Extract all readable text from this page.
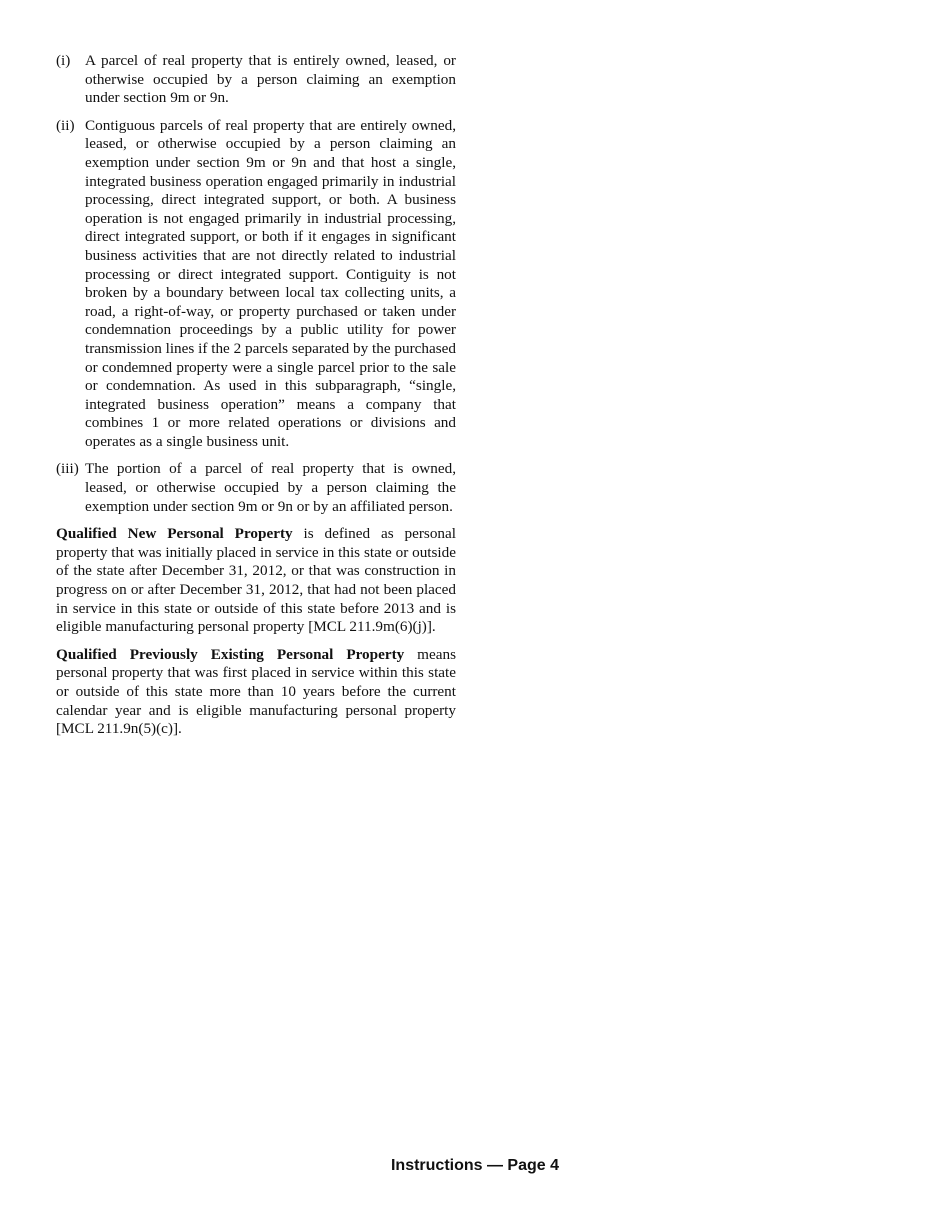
(i) A parcel of real property that is entirely owned, leased, or otherwise occupied by a person claiming an exemption under section 9m or 9n.
(ii) Contiguous parcels of real property that are entirely owned, leased, or otherwise occupied by a person claiming an exemption under section 9m or 9n and that host a single, integrated business operation engaged primarily in industrial processing, direct integrated support, or both. A business operation is not engaged primarily in industrial processing, direct integrated support, or both if it engages in significant business activities that are not directly related to industrial processing or direct integrated support. Contiguity is not broken by a boundary between local tax collecting units, a road, a right-of-way, or property purchased or taken under condemnation proceedings by a public utility for power transmission lines if the 2 parcels separated by the purchased or condemned property were a single parcel prior to the sale or condemnation. As used in this subparagraph, “single, integrated business operation” means a company that combines 1 or more related operations or divisions and operates as a single business unit.
(iii) The portion of a parcel of real property that is owned, leased, or otherwise occupied by a person claiming the exemption under section 9m or 9n or by an affiliated person.

Qualified New Personal Property is defined as personal property that was initially placed in service in this state or outside of the state after December 31, 2012, or that was construction in progress on or after December 31, 2012, that had not been placed in service in this state or outside of this state before 2013 and is eligible manufacturing personal property [MCL 211.9m(6)(j)].

Qualified Previously Existing Personal Property means personal property that was first placed in service within this state or outside of this state more than 10 years before the current calendar year and is eligible manufacturing personal property [MCL 211.9n(5)(c)].

Instructions — Page 4
